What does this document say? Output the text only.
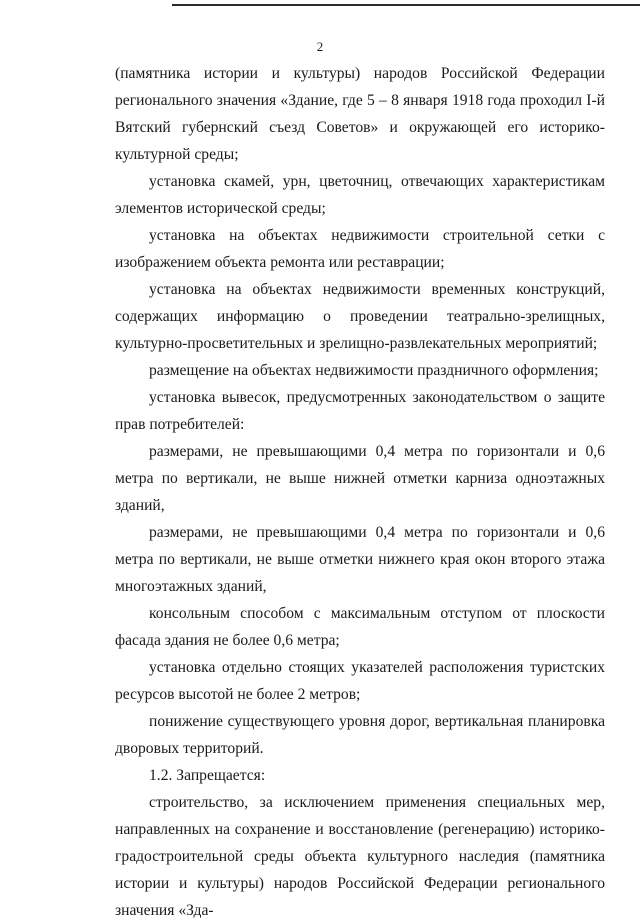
2

(памятника истории и культуры) народов Российской Федерации регионального значения «Здание, где 5 – 8 января 1918 года проходил I-й Вятский губернский съезд Советов» и окружающей его историко-культурной среды;

установка скамей, урн, цветочниц, отвечающих характеристикам элементов исторической среды;

установка на объектах недвижимости строительной сетки с изображением объекта ремонта или реставрации;

установка на объектах недвижимости временных конструкций, содержащих информацию о проведении театрально-зрелищных, культурно-просветительных и зрелищно-развлекательных мероприятий;

размещение на объектах недвижимости праздничного оформления;

установка вывесок, предусмотренных законодательством о защите прав потребителей:

размерами, не превышающими 0,4 метра по горизонтали и 0,6 метра по вертикали, не выше нижней отметки карниза одноэтажных зданий,

размерами, не превышающими 0,4 метра по горизонтали и 0,6 метра по вертикали, не выше отметки нижнего края окон второго этажа многоэтажных зданий,

консольным способом с максимальным отступом от плоскости фасада здания не более 0,6 метра;

установка отдельно стоящих указателей расположения туристских ресурсов высотой не более 2 метров;

понижение существующего уровня дорог, вертикальная планировка дворовых территорий.

1.2. Запрещается:

строительство, за исключением применения специальных мер, направленных на сохранение и восстановление (регенерацию) историко-градостроительной среды объекта культурного наследия (памятника истории и культуры) народов Российской Федерации регионального значения «Зда-
